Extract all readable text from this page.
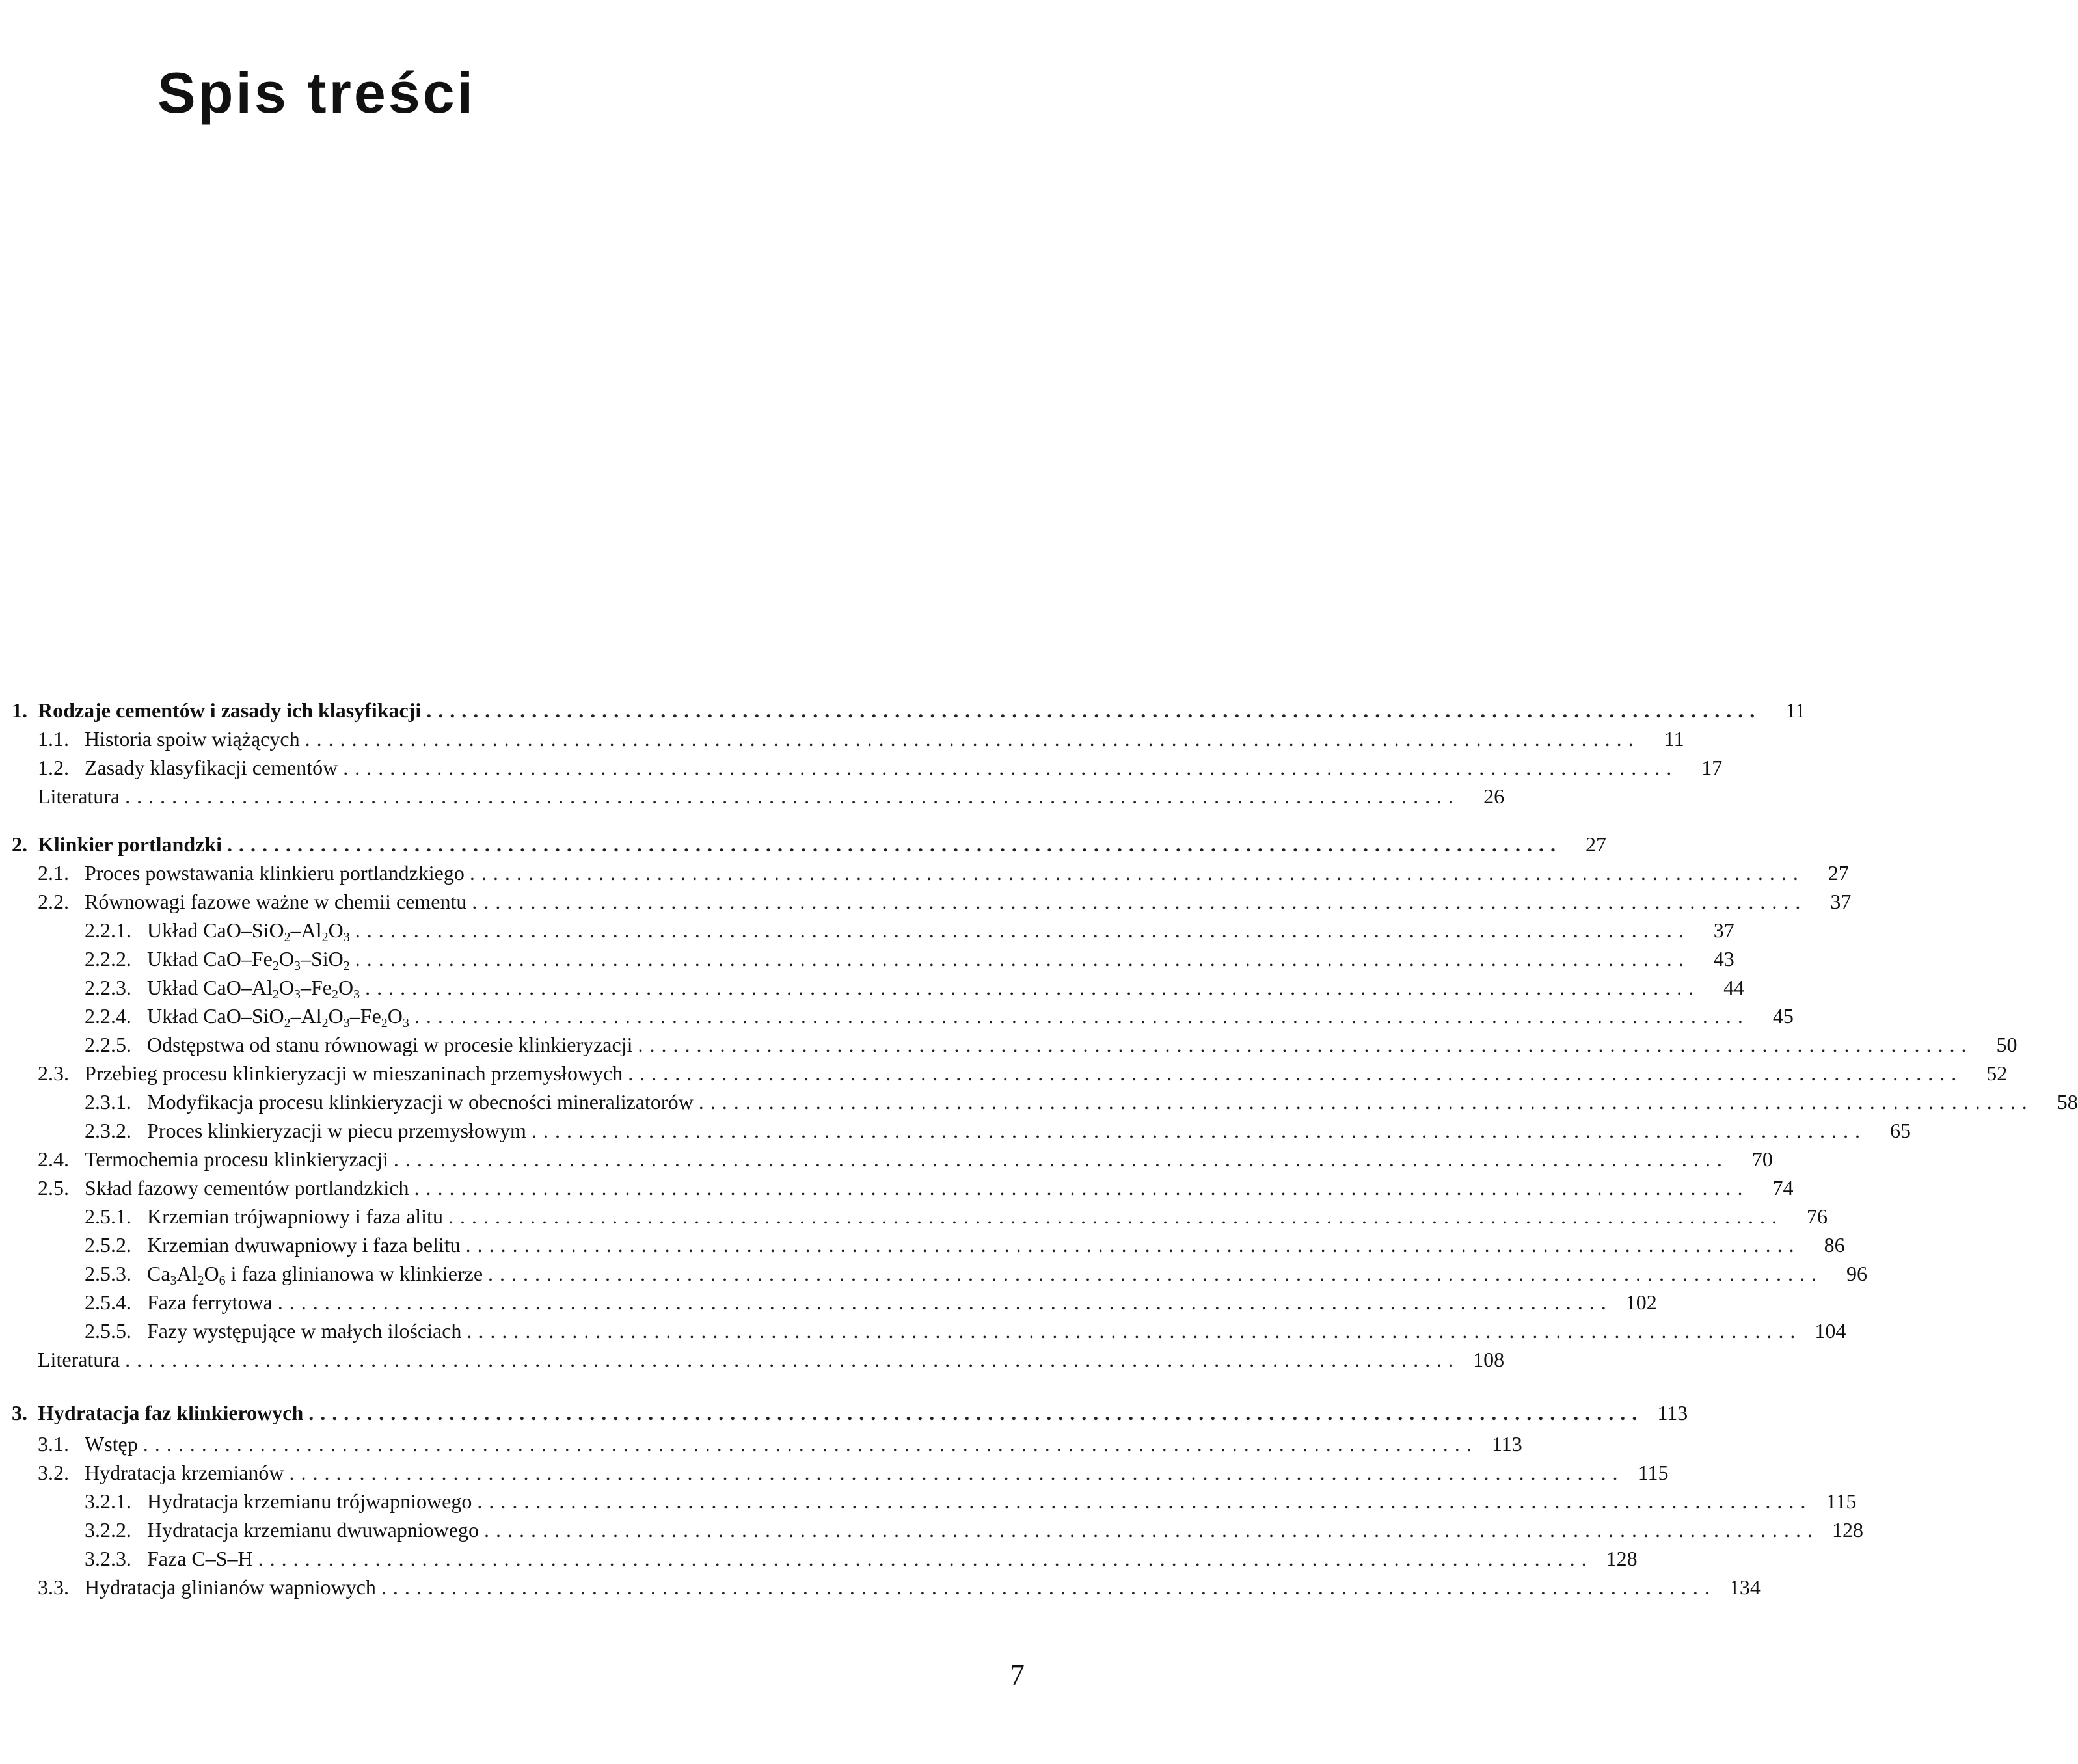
Spis treści
1. Rodzaje cementów i zasady ich klasyfikacji ..................................................................................................................	11
1.1. Historia spoiw wiążących ..................................................................................................................	11
1.2. Zasady klasyfikacji cementów ..................................................................................................................	17
Literatura ..................................................................................................................	26
2. Klinkier portlandzki ..................................................................................................................	27
2.1. Proces powstawania klinkieru portlandzkiego ..................................................................................................................	27
2.2. Równowagi fazowe ważne w chemii cementu ..................................................................................................................	37
2.2.1. Układ CaO–$SiO_2-Al_2O_3$ ..................................................................................................................	37
2.2.2. Układ CaO–$Fe_2O_3-SiO_2$ ..................................................................................................................	43
2.2.3. Układ CaO–$Al_2O_3-Fe_2O_3$ ..................................................................................................................	44
2.2.4. Układ CaO–$SiO_2-Al_2O_3-Fe_2O_3$ ..................................................................................................................	45
2.2.5. Odstępstwa od stanu równowagi w procesie klinkieryzacji ..................................................................................................................	50
2.3. Przebieg procesu klinkieryzacji w mieszaninach przemysłowych ..................................................................................................................	52
2.3.1. Modyfikacja procesu klinkieryzacji w obecności mineralizatorów ..................................................................................................................	58
2.3.2. Proces klinkieryzacji w piecu przemysłowym ..................................................................................................................	65
2.4. Termochemia procesu klinkieryzacji ..................................................................................................................	70
2.5. Skład fazowy cementów portlandzkich ..................................................................................................................	74
2.5.1. Krzemian trójwapniowy i faza alitu ..................................................................................................................	76
2.5.2. Krzemian dwuwapniowy i faza belitu ..................................................................................................................	86
2.5.3. $Ca_3Al_2O_6$ i faza glinianowa w klinkierze ..................................................................................................................	96
2.5.4. Faza ferrytowa .................................................................................................................. 102
2.5.5. Fazy występujące w małych ilościach .................................................................................................................. 104
Literatura .................................................................................................................. 108
3. Hydratacja faz klinkierowych .................................................................................................................. 113
3.1. Wstęp .................................................................................................................. 113
3.2. Hydratacja krzemianów .................................................................................................................. 115
3.2.1. Hydratacja krzemianu trójwapniowego .................................................................................................................. 115
3.2.2. Hydratacja krzemianu dwuwapniowego .................................................................................................................. 128
3.2.3. Faza C–S–H .................................................................................................................. 128
3.3. Hydratacja glinianów wapniowych .................................................................................................................. 134
7
